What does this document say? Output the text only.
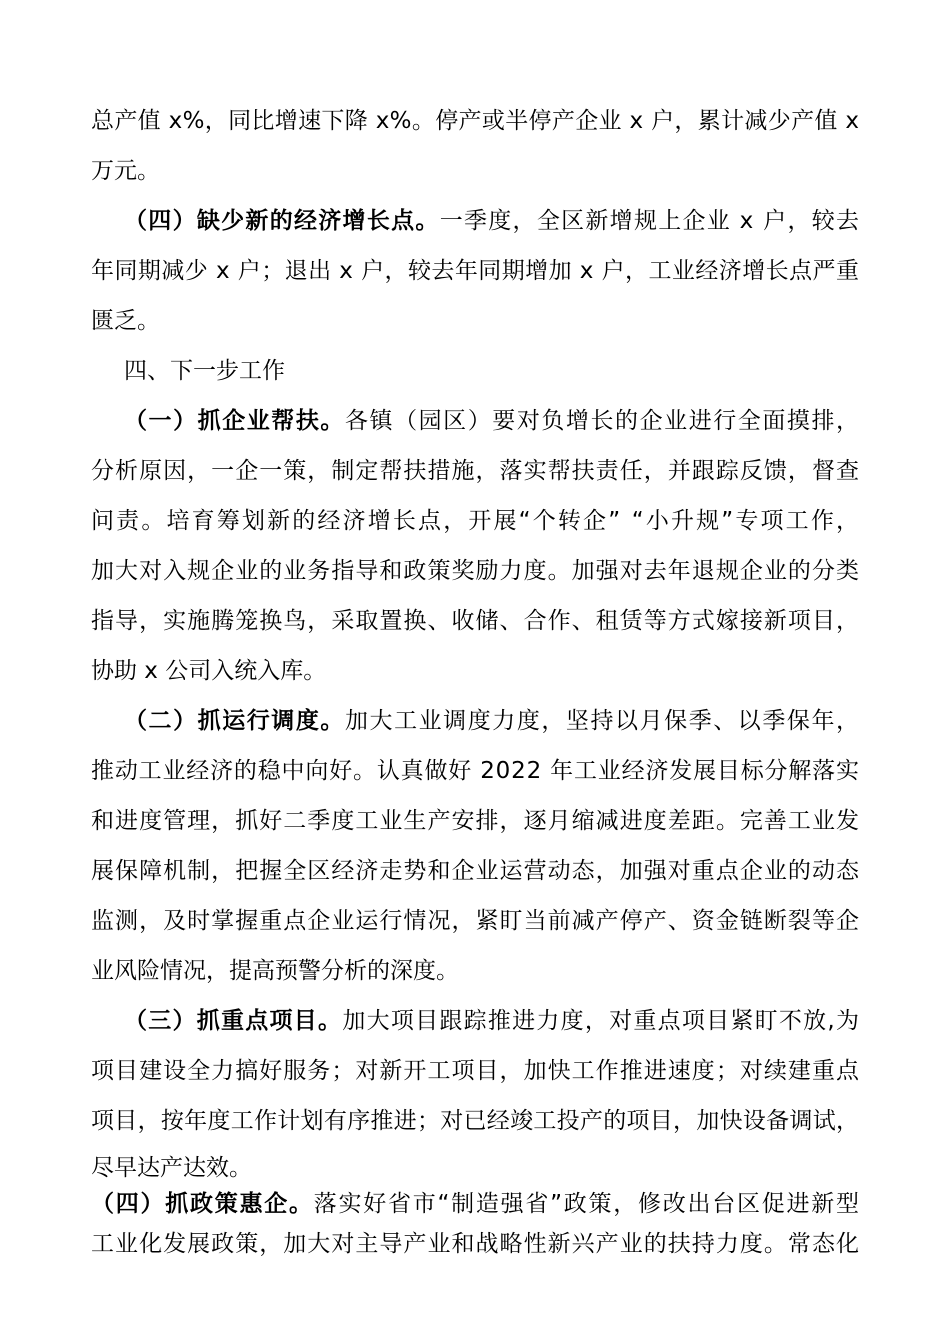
总产值 x%，同比增速下降 x%。停产或半停产企业 x 户，累计减少产值 x
万元。
（四）缺少新的经济增长点。一季度，全区新增规上企业 x 户，较去
年同期减少 x 户；退出 x 户，较去年同期增加 x 户，工业经济增长点严重
匮乏。
四、下一步工作
（一）抓企业帮扶。各镇（园区）要对负增长的企业进行全面摸排，
分析原因，一企一策，制定帮扶措施，落实帮扶责任，并跟踪反馈，督查
问责。培育筹划新的经济增长点，开展“个转企” “小升规”专项工作，
加大对入规企业的业务指导和政策奖励力度。加强对去年退规企业的分类
指导，实施腾笼换鸟，采取置换、收储、合作、租赁等方式嫁接新项目，
协助 x 公司入统入库。
（二）抓运行调度。加大工业调度力度，坚持以月保季、以季保年，
推动工业经济的稳中向好。认真做好 2022 年工业经济发展目标分解落实
和进度管理，抓好二季度工业生产安排，逐月缩减进度差距。完善工业发
展保障机制，把握全区经济走势和企业运营动态，加强对重点企业的动态
监测，及时掌握重点企业运行情况，紧盯当前减产停产、资金链断裂等企
业风险情况，提高预警分析的深度。
（三）抓重点项目。加大项目跟踪推进力度，对重点项目紧盯不放,为
项目建设全力搞好服务；对新开工项目，加快工作推进速度；对续建重点
项目，按年度工作计划有序推进；对已经竣工投产的项目，加快设备调试，
尽早达产达效。
（四）抓政策惠企。落实好省市“制造强省”政策，修改出台区促进新型
工业化发展政策，加大对主导产业和战略性新兴产业的扶持力度。常态化
